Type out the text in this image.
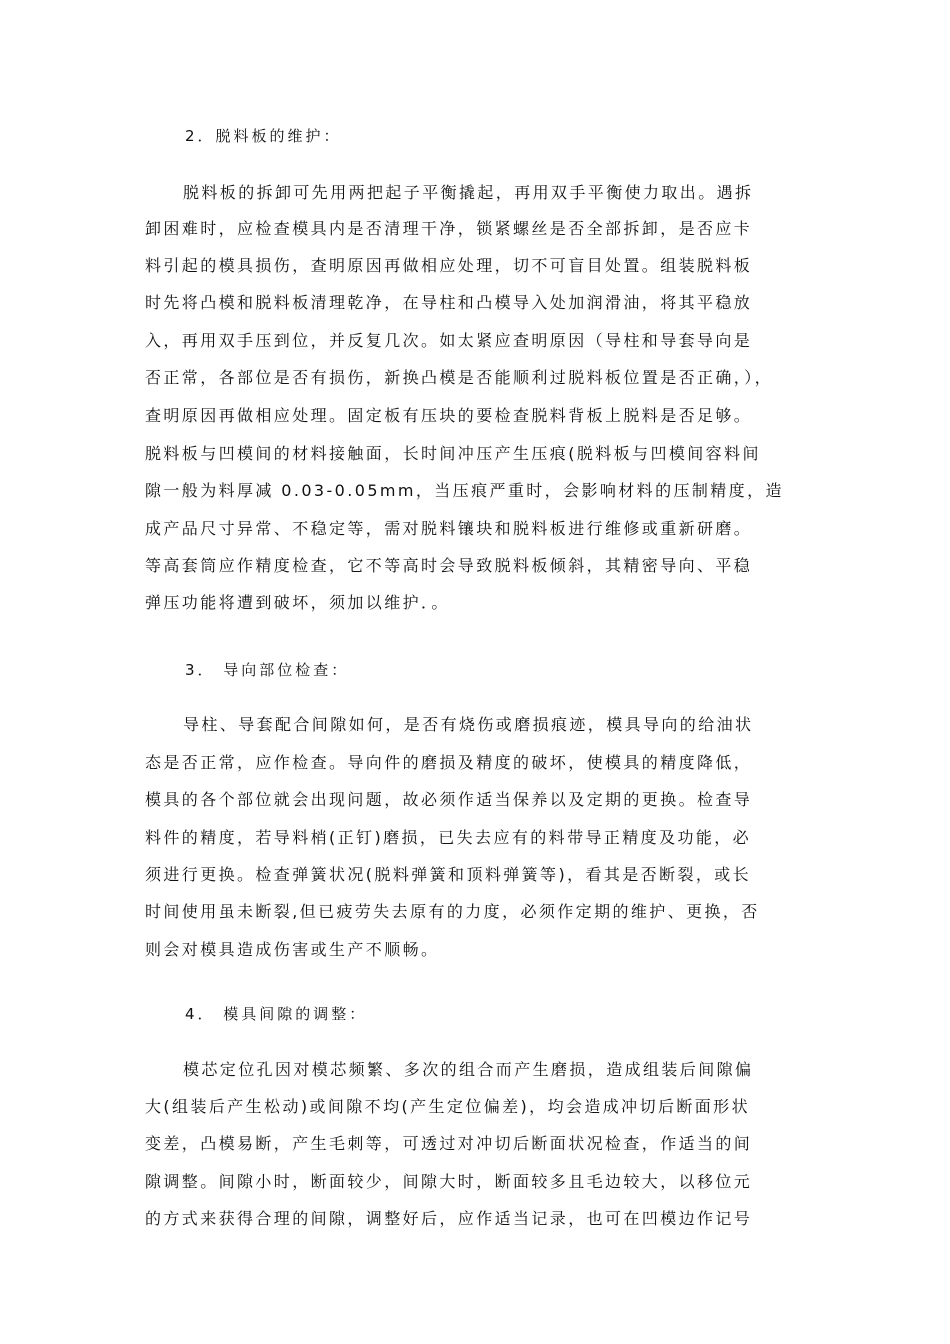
2．脱料板的维护：
脱料板的拆卸可先用两把起子平衡撬起，再用双手平衡使力取出。遇拆
卸困难时，应检查模具内是否清理干净，锁紧螺丝是否全部拆卸，是否应卡
料引起的模具损伤，查明原因再做相应处理，切不可盲目处置。组装脱料板
时先将凸模和脱料板清理乾净，在导柱和凸模导入处加润滑油，将其平稳放
入，再用双手压到位，并反复几次。如太紧应查明原因（导柱和导套导向是
否正常，各部位是否有损伤，新换凸模是否能顺利过脱料板位置是否正确，），
查明原因再做相应处理。固定板有压块的要检查脱料背板上脱料是否足够。
脱料板与凹模间的材料接触面，长时间冲压产生压痕(脱料板与凹模间容料间
隙一般为料厚减 0.03-0.05mm，当压痕严重时，会影响材料的压制精度，造
成产品尺寸异常、不稳定等，需对脱料镶块和脱料板进行维修或重新研磨。
等高套筒应作精度检查，它不等高时会导致脱料板倾斜，其精密导向、平稳
弹压功能将遭到破坏，须加以维护．。
3． 导向部位检查：
导柱、导套配合间隙如何，是否有烧伤或磨损痕迹，模具导向的给油状
态是否正常，应作检查。导向件的磨损及精度的破坏，使模具的精度降低，
模具的各个部位就会出现问题，故必须作适当保养以及定期的更换。检查导
料件的精度，若导料梢(正钉)磨损，已失去应有的料带导正精度及功能，必
须进行更换。检查弹簧状况(脱料弹簧和顶料弹簧等)，看其是否断裂，或长
时间使用虽未断裂,但已疲劳失去原有的力度，必须作定期的维护、更换，否
则会对模具造成伤害或生产不顺畅。
4． 模具间隙的调整：
模芯定位孔因对模芯频繁、多次的组合而产生磨损，造成组装后间隙偏
大(组装后产生松动)或间隙不均(产生定位偏差)，均会造成冲切后断面形状
变差，凸模易断，产生毛刺等，可透过对冲切后断面状况检查，作适当的间
隙调整。间隙小时，断面较少，间隙大时，断面较多且毛边较大，以移位元
的方式来获得合理的间隙，调整好后，应作适当记录，也可在凹模边作记号
